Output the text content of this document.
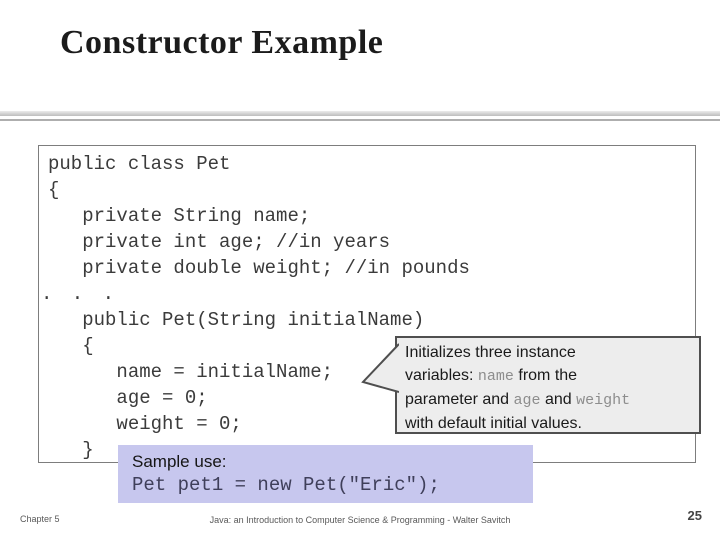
Constructor Example
public class Pet
{
private String name;
private int age; //in years
private double weight; //in pounds
. . .
public Pet(String initialName)
{
name = initialName;
age = 0;
weight = 0;
}
Initializes three instance
variables: name from the
parameter and age and weight
with default initial values.
Sample use:
Pet pet1 = new Pet("Eric");
Chapter 5	Java: an Introduction to Computer Science & Programming - Walter Savitch	25
